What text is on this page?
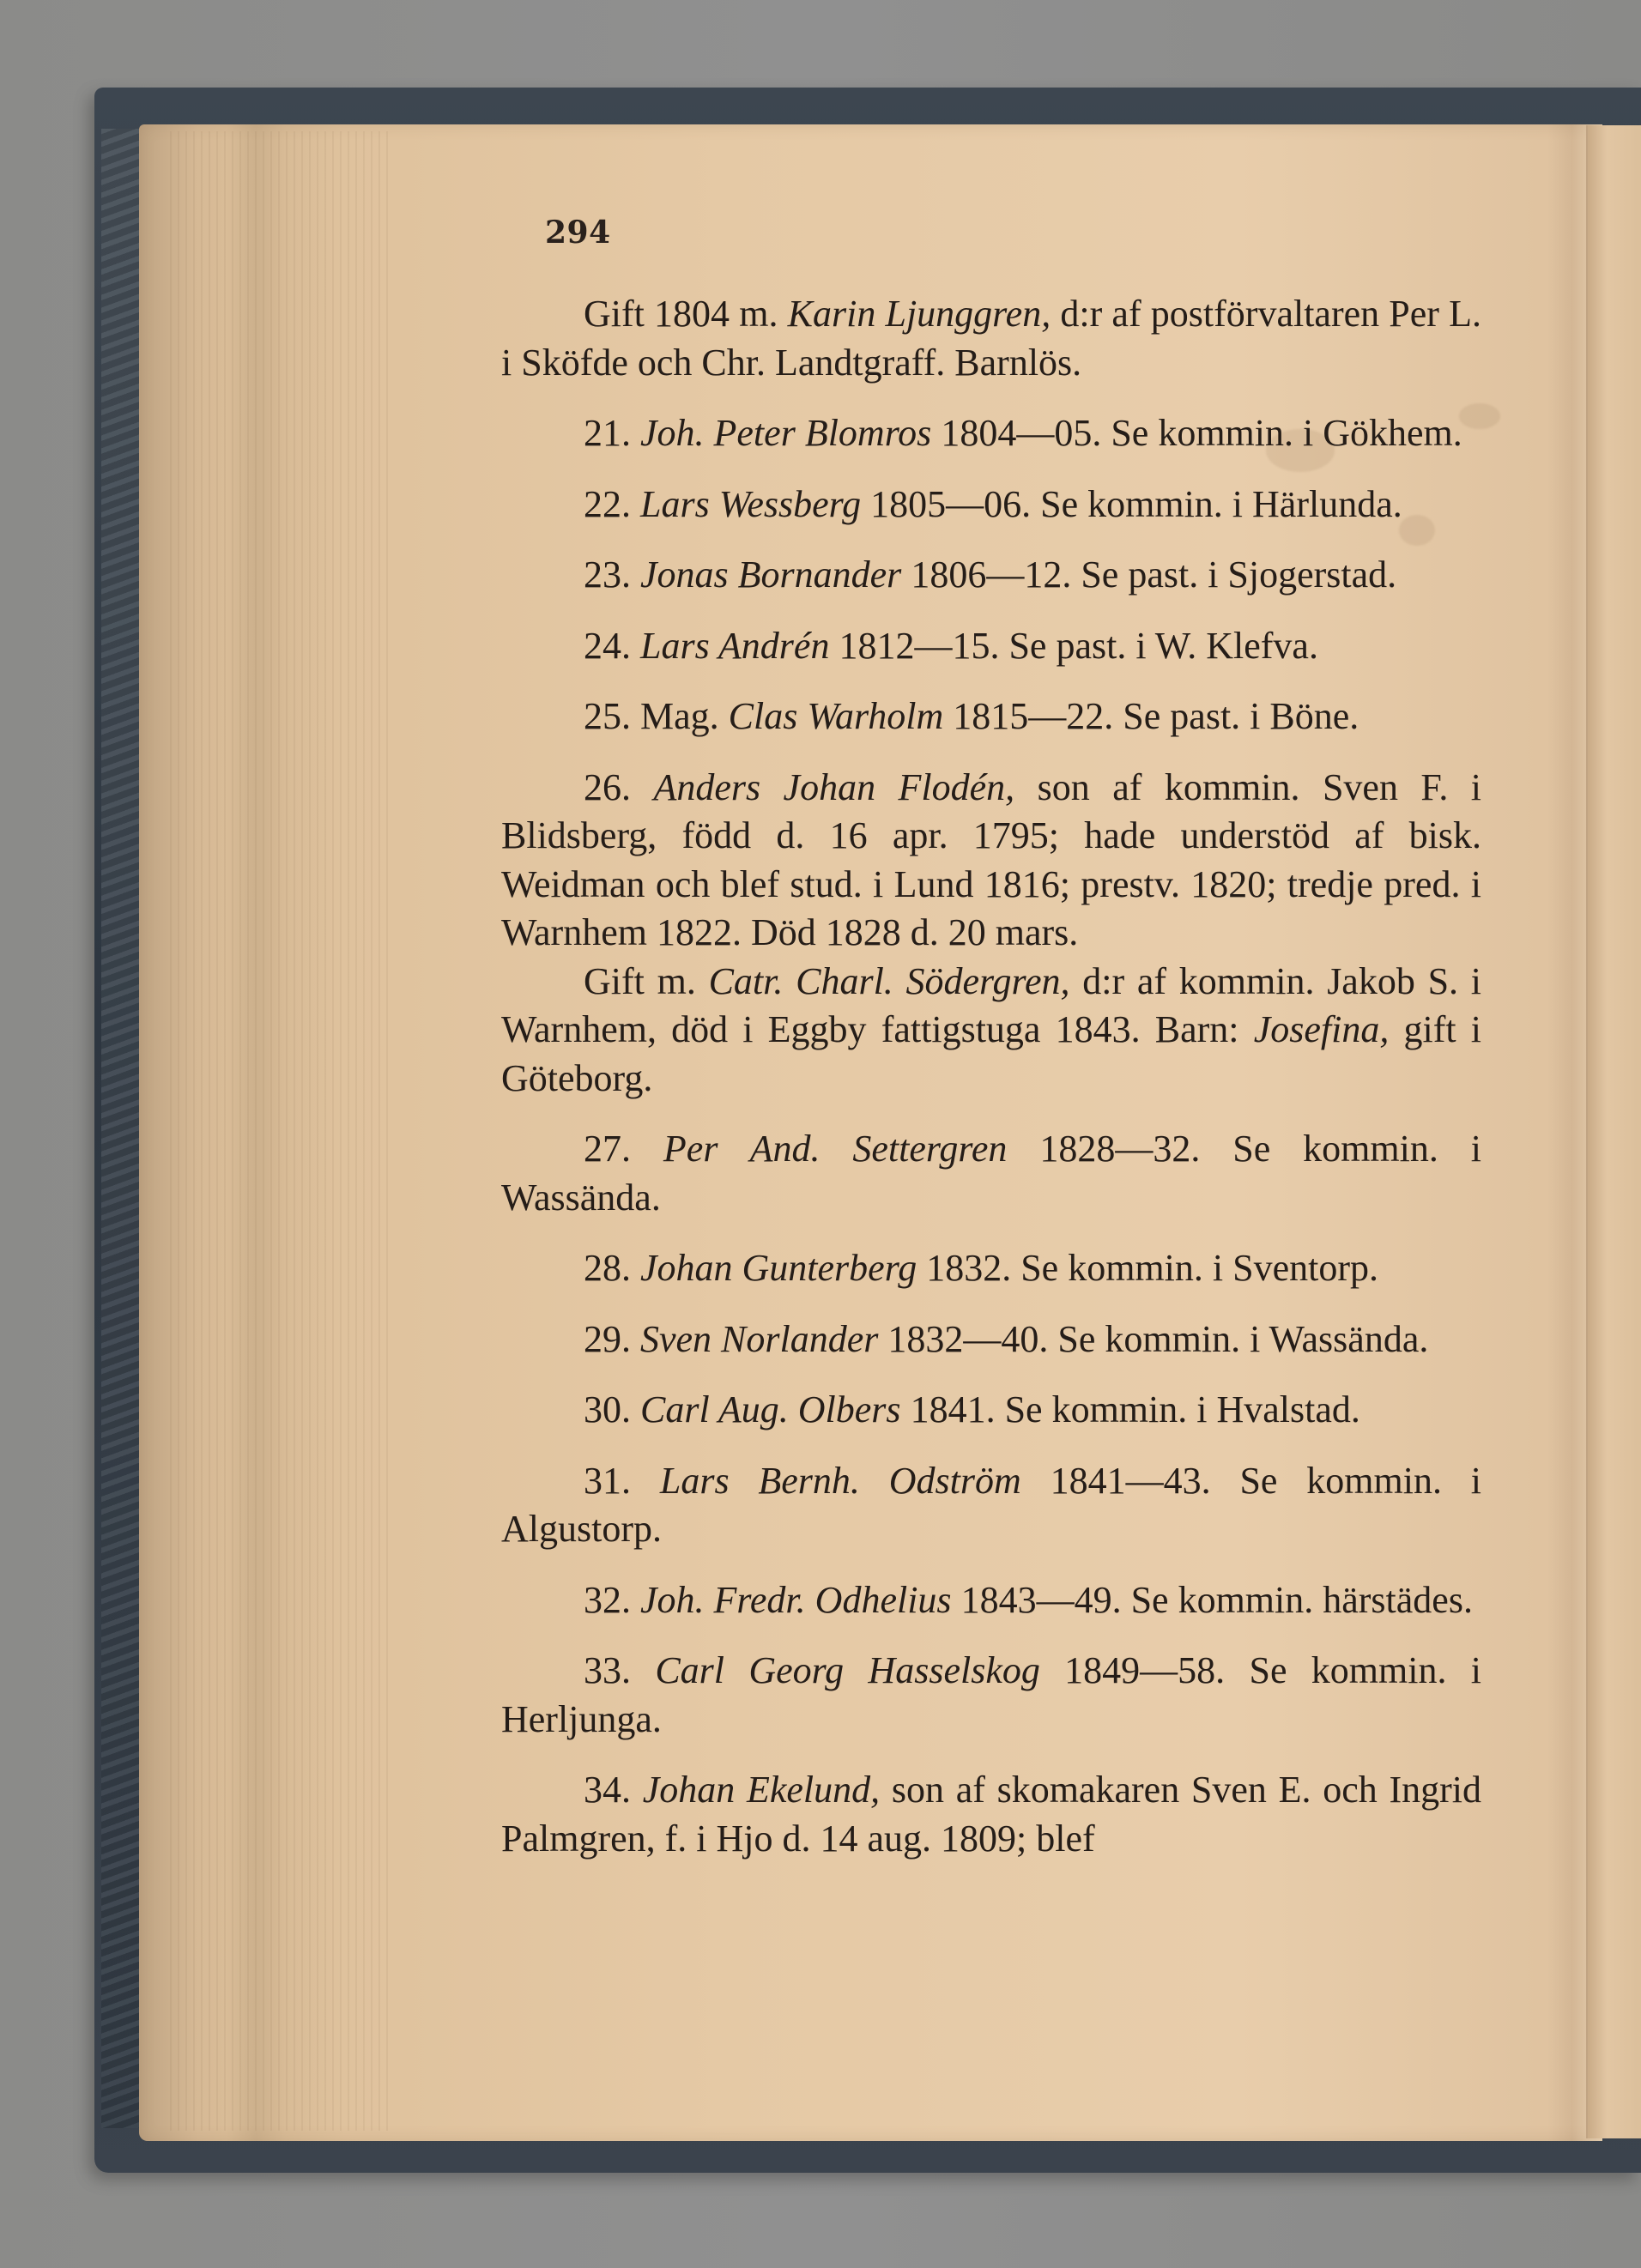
294

Gift 1804 m. Karin Ljunggren, d:r af postförvaltaren Per L. i Sköfde och Chr. Landtgraff. Barnlös.

21. Joh. Peter Blomros 1804—05. Se kommin. i Gökhem.

22. Lars Wessberg 1805—06. Se kommin. i Härlunda.

23. Jonas Bornander 1806—12. Se past. i Sjogerstad.

24. Lars Andrén 1812—15. Se past. i W. Klefva.

25. Mag. Clas Warholm 1815—22. Se past. i Böne.

26. Anders Johan Flodén, son af kommin. Sven F. i Blidsberg, född d. 16 apr. 1795; hade understöd af bisk. Weidman och blef stud. i Lund 1816; prestv. 1820; tredje pred. i Warnhem 1822. Död 1828 d. 20 mars.

Gift m. Catr. Charl. Södergren, d:r af kommin. Jakob S. i Warnhem, död i Eggby fattigstuga 1843. Barn: Josefina, gift i Göteborg.

27. Per And. Settergren 1828—32. Se kommin. i Wassända.

28. Johan Gunterberg 1832. Se kommin. i Sventorp.

29. Sven Norlander 1832—40. Se kommin. i Wassända.

30. Carl Aug. Olbers 1841. Se kommin. i Hvalstad.

31. Lars Bernh. Odström 1841—43. Se kommin. i Algustorp.

32. Joh. Fredr. Odhelius 1843—49. Se kommin. härstädes.

33. Carl Georg Hasselskog 1849—58. Se kommin. i Herljunga.

34. Johan Ekelund, son af skomakaren Sven E. och Ingrid Palmgren, f. i Hjo d. 14 aug. 1809; blef
